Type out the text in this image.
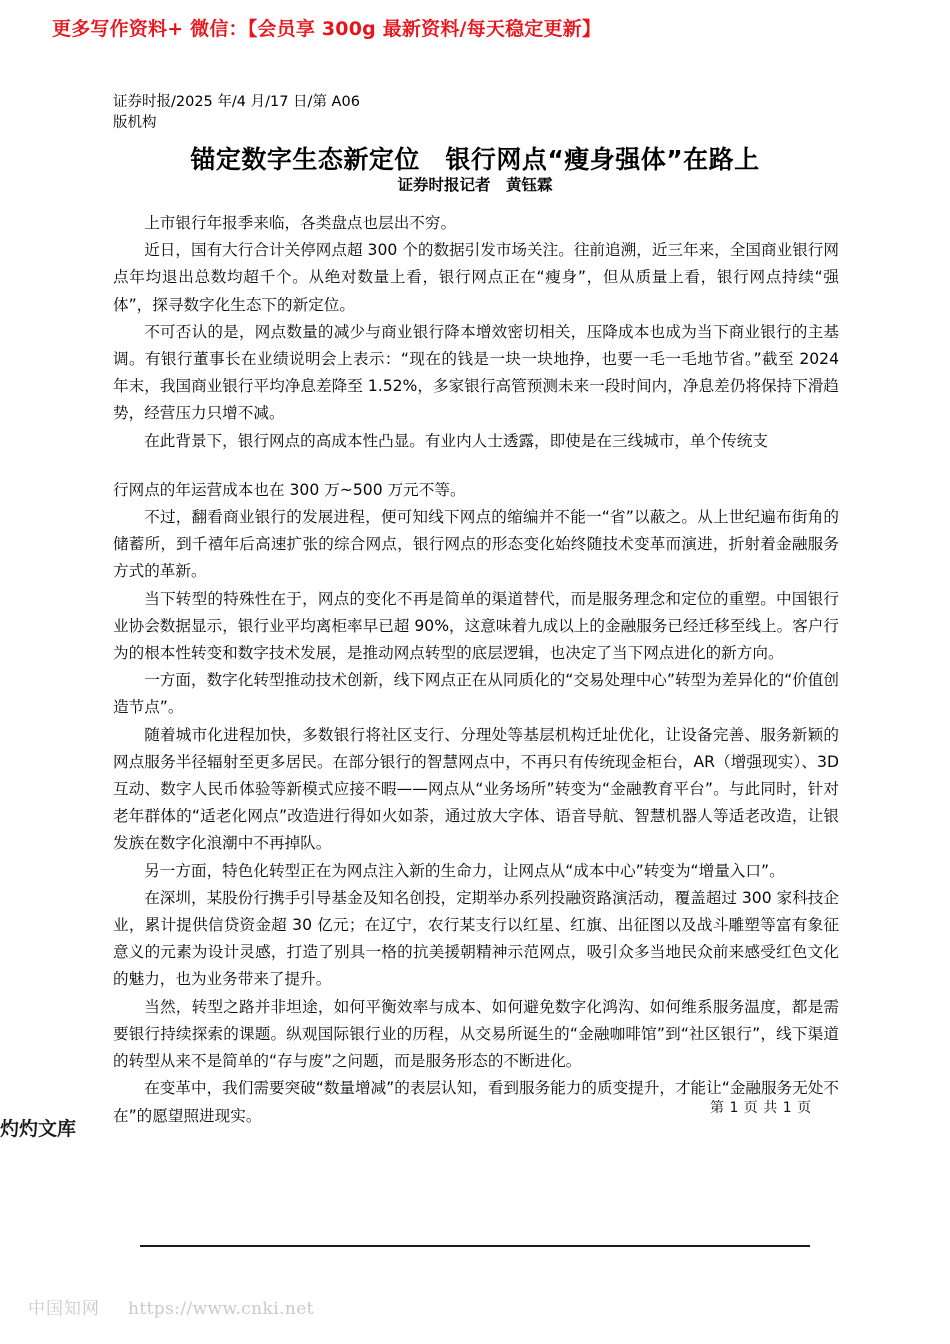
更多写作资料+ 微信：【会员享 300g 最新资料/每天稳定更新】
证券时报/2025 年/4 月/17 日/第 A06
版机构
锚定数字生态新定位　银行网点“瘦身强体”在路上
证券时报记者　黄钰霖

上市银行年报季来临，各类盘点也层出不穷。

近日，国有大行合计关停网点超 300 个的数据引发市场关注。往前追溯，近三年来，全国商业银行网点年均退出总数均超千个。从绝对数量上看，银行网点正在“瘦身”，但从质量上看，银行网点持续“强体”，探寻数字化生态下的新定位。

不可否认的是，网点数量的减少与商业银行降本增效密切相关，压降成本也成为当下商业银行的主基调。有银行董事长在业绩说明会上表示：“现在的钱是一块一块地挣，也要一毛一毛地节省。”截至 2024 年末，我国商业银行平均净息差降至 1.52%，多家银行高管预测未来一段时间内，净息差仍将保持下滑趋势，经营压力只增不减。

在此背景下，银行网点的高成本性凸显。有业内人士透露，即使是在三线城市，单个传统支

行网点的年运营成本也在 300 万~500 万元不等。

不过，翻看商业银行的发展进程，便可知线下网点的缩编并不能一“省”以蔽之。从上世纪遍布街角的储蓄所，到千禧年后高速扩张的综合网点，银行网点的形态变化始终随技术变革而演进，折射着金融服务方式的革新。

当下转型的特殊性在于，网点的变化不再是简单的渠道替代，而是服务理念和定位的重塑。中国银行业协会数据显示，银行业平均离柜率早已超 90%，这意味着九成以上的金融服务已经迁移至线上。客户行为的根本性转变和数字技术发展，是推动网点转型的底层逻辑，也决定了当下网点进化的新方向。

一方面，数字化转型推动技术创新，线下网点正在从同质化的“交易处理中心”转型为差异化的“价值创造节点”。

随着城市化进程加快，多数银行将社区支行、分理处等基层机构迁址优化，让设备完善、服务新颖的网点服务半径辐射至更多居民。在部分银行的智慧网点中，不再只有传统现金柜台，AR（增强现实）、3D 互动、数字人民币体验等新模式应接不暇——网点从“业务场所”转变为“金融教育平台”。与此同时，针对老年群体的“适老化网点”改造进行得如火如荼，通过放大字体、语音导航、智慧机器人等适老改造，让银发族在数字化浪潮中不再掉队。

另一方面，特色化转型正在为网点注入新的生命力，让网点从“成本中心”转变为“增量入口”。

在深圳，某股份行携手引导基金及知名创投，定期举办系列投融资路演活动，覆盖超过 300 家科技企业，累计提供信贷资金超 30 亿元；在辽宁，农行某支行以红星、红旗、出征图以及战斗雕塑等富有象征意义的元素为设计灵感，打造了别具一格的抗美援朝精神示范网点，吸引众多当地民众前来感受红色文化的魅力，也为业务带来了提升。

当然，转型之路并非坦途，如何平衡效率与成本、如何避免数字化鸿沟、如何维系服务温度，都是需要银行持续探索的课题。纵观国际银行业的历程，从交易所诞生的“金融咖啡馆”到“社区银行”，线下渠道的转型从来不是简单的“存与废”之问题，而是服务形态的不断进化。

在变革中，我们需要突破“数量增减”的表层认知，看到服务能力的质变提升，才能让“金融服务无处不在”的愿望照进现实。	第 1 页 共 1 页
灼灼文库
中国知网 https://www.cnki.net
